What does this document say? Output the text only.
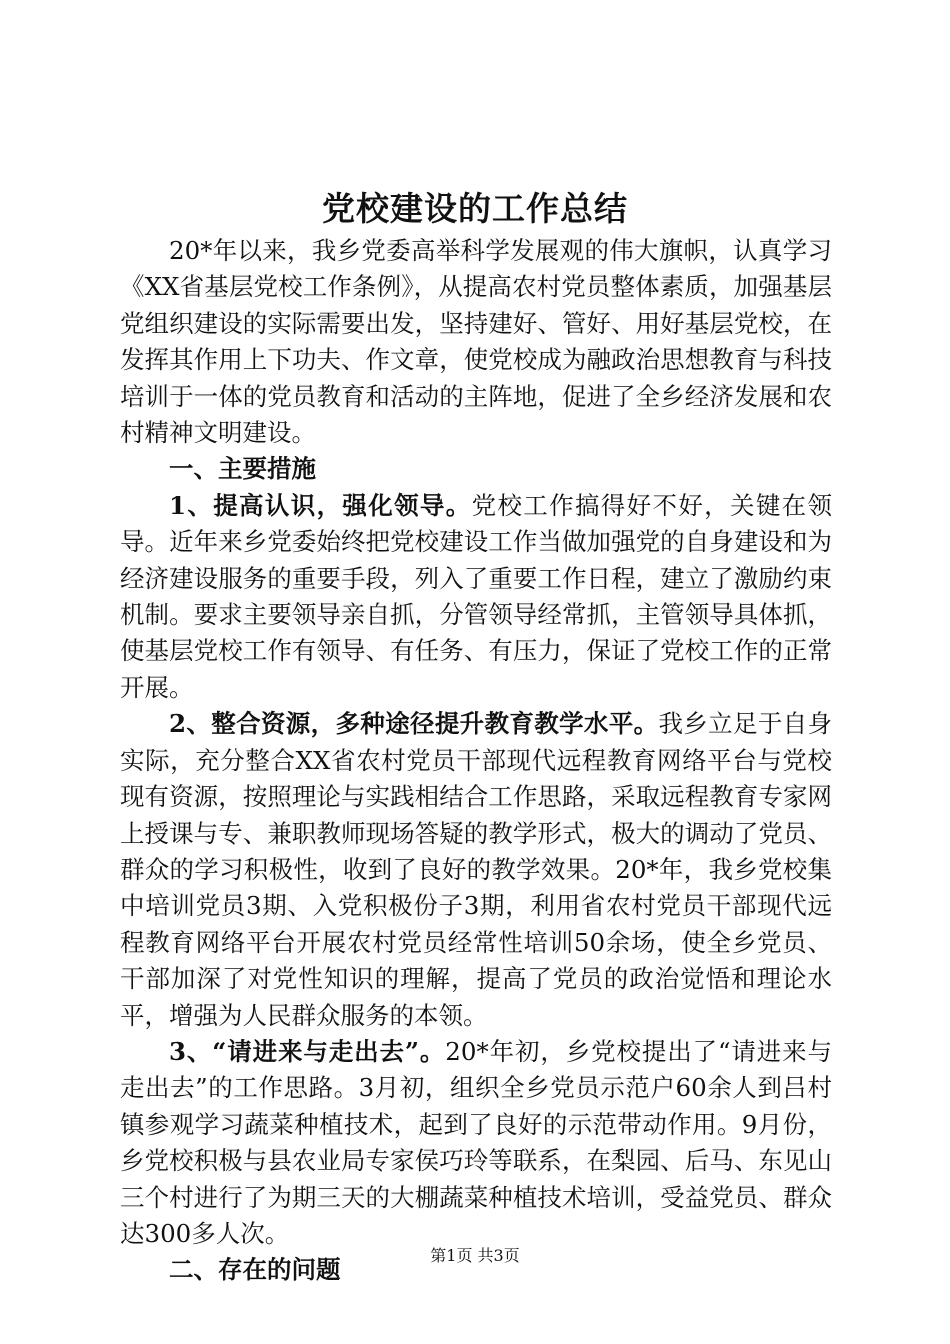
党校建设的工作总结

20*年以来，我乡党委高举科学发展观的伟大旗帜，认真学习《XX省基层党校工作条例》，从提高农村党员整体素质，加强基层党组织建设的实际需要出发，坚持建好、管好、用好基层党校，在发挥其作用上下功夫、作文章，使党校成为融政治思想教育与科技培训于一体的党员教育和活动的主阵地，促进了全乡经济发展和农村精神文明建设。

一、主要措施

1、提高认识，强化领导。党校工作搞得好不好，关键在领导。近年来乡党委始终把党校建设工作当做加强党的自身建设和为经济建设服务的重要手段，列入了重要工作日程，建立了激励约束机制。要求主要领导亲自抓，分管领导经常抓，主管领导具体抓，使基层党校工作有领导、有任务、有压力，保证了党校工作的正常开展。

2、整合资源，多种途径提升教育教学水平。我乡立足于自身实际，充分整合XX省农村党员干部现代远程教育网络平台与党校现有资源，按照理论与实践相结合工作思路，采取远程教育专家网上授课与专、兼职教师现场答疑的教学形式，极大的调动了党员、群众的学习积极性，收到了良好的教学效果。20*年，我乡党校集中培训党员3期、入党积极份子3期，利用省农村党员干部现代远程教育网络平台开展农村党员经常性培训50余场，使全乡党员、干部加深了对党性知识的理解，提高了党员的政治觉悟和理论水平，增强为人民群众服务的本领。

3、“请进来与走出去”。20*年初，乡党校提出了“请进来与走出去”的工作思路。3月初，组织全乡党员示范户60余人到吕村镇参观学习蔬菜种植技术，起到了良好的示范带动作用。9月份，乡党校积极与县农业局专家侯巧玲等联系，在梨园、后马、东见山三个村进行了为期三天的大棚蔬菜种植技术培训，受益党员、群众达300多人次。

二、存在的问题	第1页 共3页
